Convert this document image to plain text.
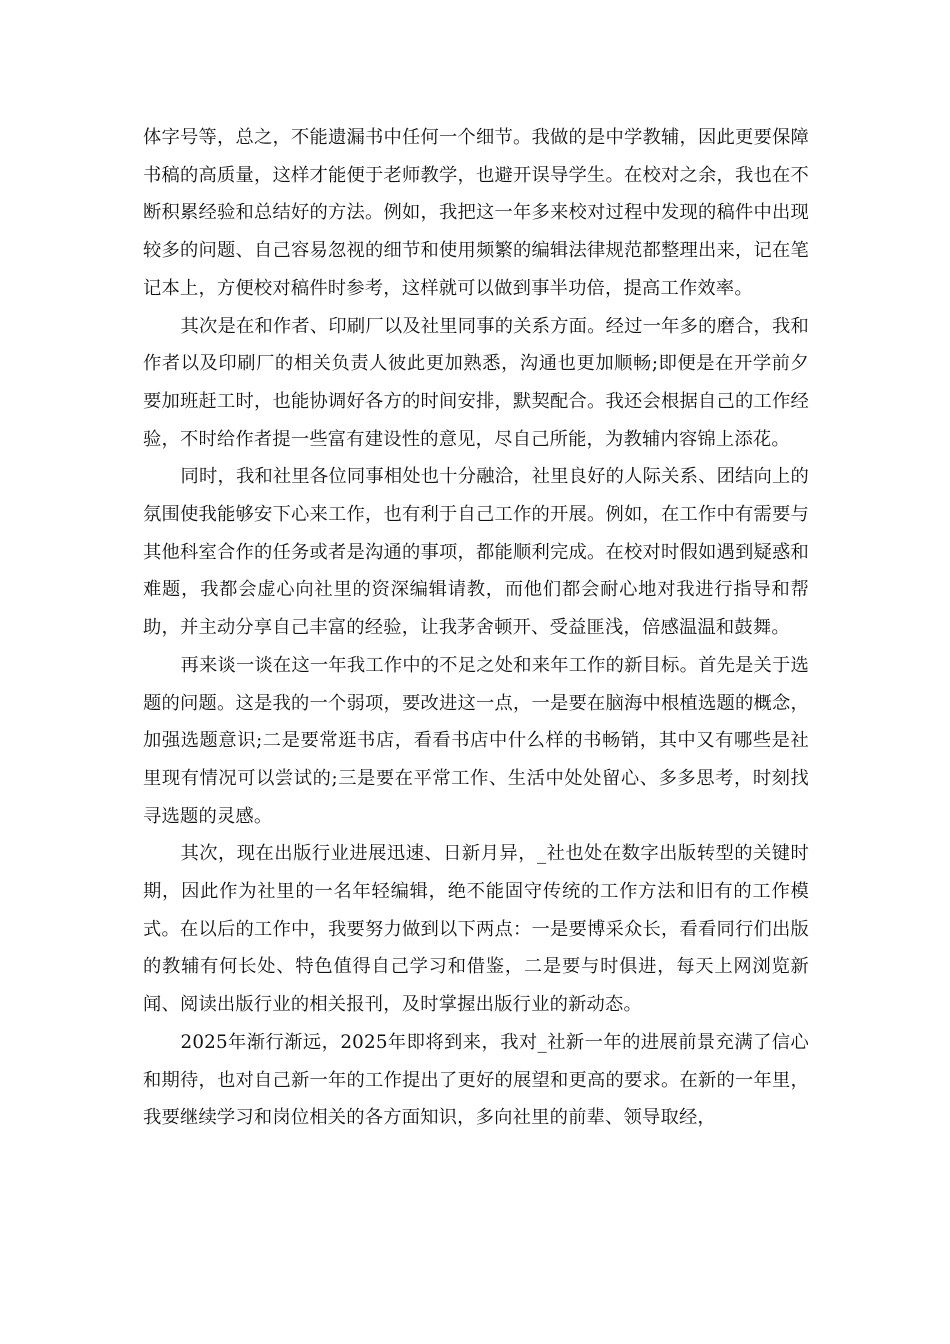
体字号等，总之，不能遗漏书中任何一个细节。我做的是中学教辅，因此更要保障书稿的高质量，这样才能便于老师教学，也避开误导学生。在校对之余，我也在不断积累经验和总结好的方法。例如，我把这一年多来校对过程中发现的稿件中出现较多的问题、自己容易忽视的细节和使用频繁的编辑法律规范都整理出来，记在笔记本上，方便校对稿件时参考，这样就可以做到事半功倍，提高工作效率。

其次是在和作者、印刷厂以及社里同事的关系方面。经过一年多的磨合，我和作者以及印刷厂的相关负责人彼此更加熟悉，沟通也更加顺畅;即便是在开学前夕要加班赶工时，也能协调好各方的时间安排，默契配合。我还会根据自己的工作经验，不时给作者提一些富有建设性的意见，尽自己所能，为教辅内容锦上添花。

同时，我和社里各位同事相处也十分融洽，社里良好的人际关系、团结向上的氛围使我能够安下心来工作，也有利于自己工作的开展。例如，在工作中有需要与其他科室合作的任务或者是沟通的事项，都能顺利完成。在校对时假如遇到疑惑和难题，我都会虚心向社里的资深编辑请教，而他们都会耐心地对我进行指导和帮助，并主动分享自己丰富的经验，让我茅舍顿开、受益匪浅，倍感温温和鼓舞。

再来谈一谈在这一年我工作中的不足之处和来年工作的新目标。首先是关于选题的问题。这是我的一个弱项，要改进这一点，一是要在脑海中根植选题的概念，加强选题意识;二是要常逛书店，看看书店中什么样的书畅销，其中又有哪些是社里现有情况可以尝试的;三是要在平常工作、生活中处处留心、多多思考，时刻找寻选题的灵感。

其次，现在出版行业进展迅速、日新月异，_社也处在数字出版转型的关键时期，因此作为社里的一名年轻编辑，绝不能固守传统的工作方法和旧有的工作模式。在以后的工作中，我要努力做到以下两点：一是要博采众长，看看同行们出版的教辅有何长处、特色值得自己学习和借鉴，二是要与时俱进，每天上网浏览新闻、阅读出版行业的相关报刊，及时掌握出版行业的新动态。

2025年渐行渐远，2025年即将到来，我对_社新一年的进展前景充满了信心和期待，也对自己新一年的工作提出了更好的展望和更高的要求。在新的一年里，我要继续学习和岗位相关的各方面知识，多向社里的前辈、领导取经，
